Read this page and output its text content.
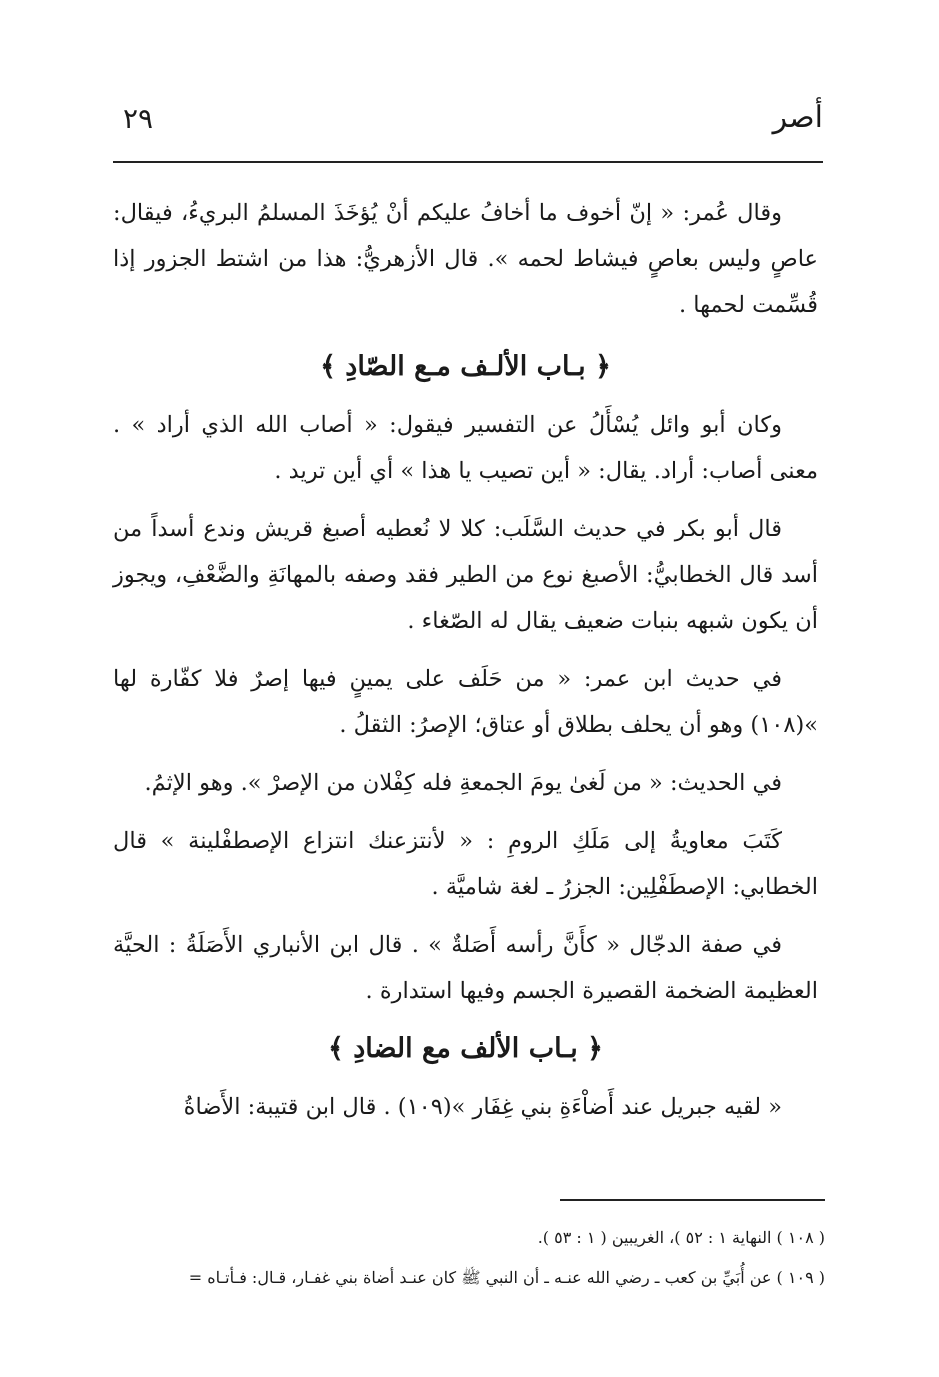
أصر
٢٩

وقال عُمر: « إنّ أخوف ما أخافُ عليكم أنْ يُؤخَذَ المسلمُ البريءُ، فيقال: عاصٍ وليس بعاصٍ فيشاط لحمه ». قال الأزهريُّ: هذا من اشتط الجزور إذا قُسِّمت لحمها .

﴿ بـاب الألـف مـع الصّادِ ﴾

وكان أبو وائل يُسْأَلُ عن التفسير فيقول: « أصاب الله الذي أراد » . معنى أصاب: أراد. يقال: « أين تصيب يا هذا » أي أين تريد .

قال أبو بكر في حديث السَّلَب: كلا لا نُعطيه أصبغ قريش وندع أسداً من أسد قال الخطابيُّ: الأصبغ نوع من الطير فقد وصفه بالمهانَةِ والضَّعْفِ، ويجوز أن يكون شبهه بنبات ضعيف يقال له الصّغاء .

في حديث ابن عمر: « من حَلَف على يمينٍ فيها إصرٌ فلا كفّارة لها »(١٠٨) وهو أن يحلف بطلاق أو عتاق؛ الإصرُ: الثقلُ .

في الحديث: « من لَغىٰ يومَ الجمعةِ فله كِفْلان من الإصرْ ». وهو الإثمُ.

كَتَبَ معاويةُ إلى مَلَكِ الرومِ : « لأنتزعنك انتزاع الإصطفْلينة » قال الخطابي: الإصطَفْلِين: الجزرُ ـ لغة شاميَّة .

في صفة الدجّال « كأَنَّ رأسه أَصَلةٌ » . قال ابن الأنباري الأَصَلَةُ : الحيَّة العظيمة الضخمة القصيرة الجسم وفيها استدارة .

﴿ بـاب الألف مع الضادِ ﴾

« لقيه جبريل عند أَضاْءَةِ بني غِفَار »(١٠٩) . قال ابن قتيبة: الأَضاةُ

( ١٠٨ ) النهاية ١ : ٥٢ )، الغريبين ( ١ : ٥٣ ).

( ١٠٩ ) عن أُبَيِّ بن كعب ـ رضي الله عنـه ـ أن النبي ﷺ كان عنـد أضاة بني غفـار، قـال: فـأتـاه =
